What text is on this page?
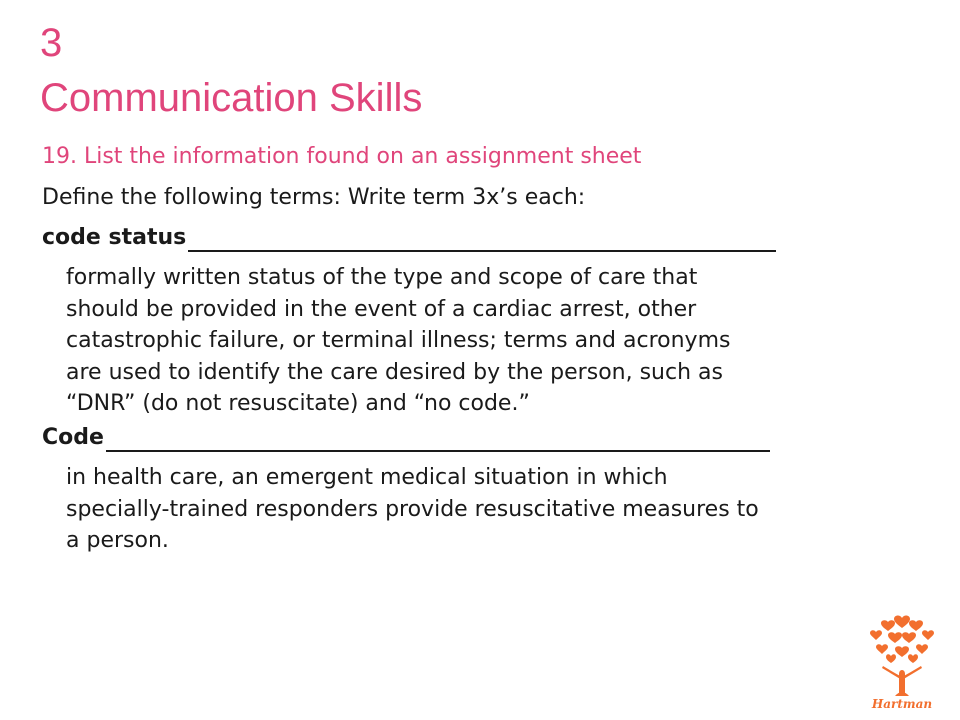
3
Communication Skills
19. List the information found on an assignment sheet
Define the following terms: Write term 3x’s each:
code status
formally written status of the type and scope of care that
should be provided in the event of a cardiac arrest, other
catastrophic failure, or terminal illness; terms and acronyms
are used to identify the care desired by the person, such as
“DNR” (do not resuscitate) and “no code.”
Code
in health care, an emergent medical situation in which
specially-trained responders provide resuscitative measures to
a person.
Hartman
